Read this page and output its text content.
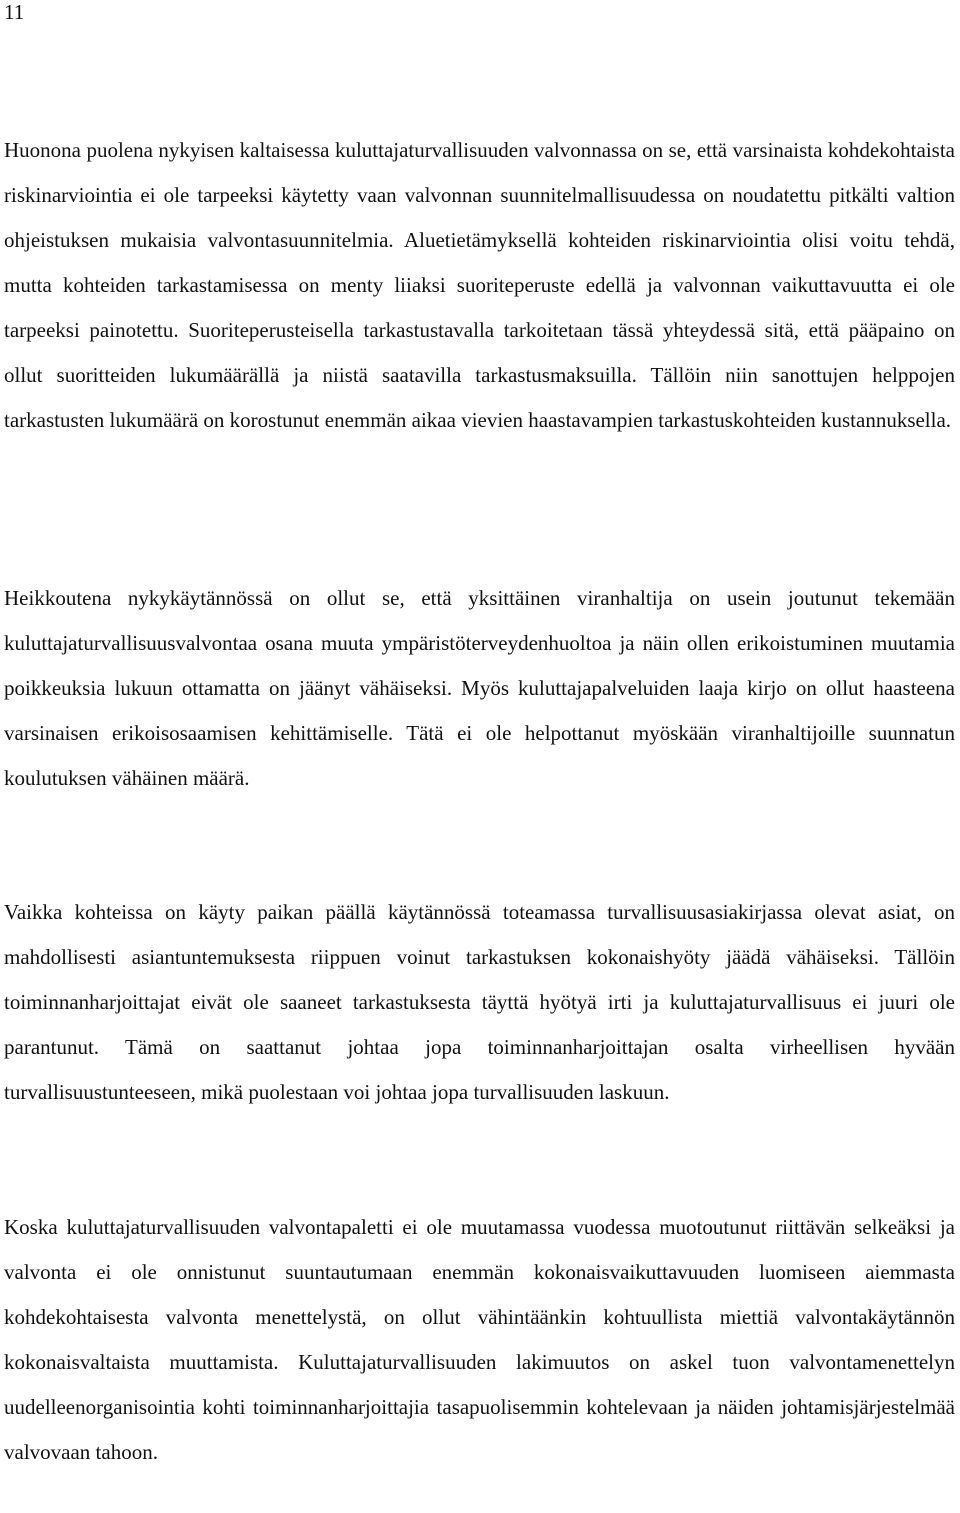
11

Huonona puolena nykyisen kaltaisessa kuluttajaturvallisuuden valvonnassa on se, että varsinaista kohdekohtaista riskinarviointia ei ole tarpeeksi käytetty vaan valvonnan suunnitelmallisuudessa on noudatettu pitkälti valtion ohjeistuksen mukaisia valvontasuunnitelmia. Aluetietämyksellä kohteiden riskinarviointia olisi voitu tehdä, mutta kohteiden tarkastamisessa on menty liiaksi suoriteperuste edellä ja valvonnan vaikuttavuutta ei ole tarpeeksi painotettu. Suoriteperusteisella tarkastustavalla tarkoitetaan tässä yhteydessä sitä, että pääpaino on ollut suoritteiden lukumäärällä ja niistä saatavilla tarkastusmaksuilla. Tällöin niin sanottujen helppojen tarkastusten lukumäärä on korostunut enemmän aikaa vievien haastavampien tarkastuskohteiden kustannuksella.

Heikkoutena nykykäytännössä on ollut se, että yksittäinen viranhaltija on usein joutunut tekemään kuluttajaturvallisuusvalvontaa osana muuta ympäristöterveydenhuoltoa ja näin ollen erikoistuminen muutamia poikkeuksia lukuun ottamatta on jäänyt vähäiseksi. Myös kuluttajapalveluiden laaja kirjo on ollut haasteena varsinaisen erikoisosaamisen kehittämiselle. Tätä ei ole helpottanut myöskään viranhaltijoille suunnatun koulutuksen vähäinen määrä.

Vaikka kohteissa on käyty paikan päällä käytännössä toteamassa turvallisuusasiakirjassa olevat asiat, on mahdollisesti asiantuntemuksesta riippuen voinut tarkastuksen kokonaishyöty jäädä vähäiseksi. Tällöin toiminnanharjoittajat eivät ole saaneet tarkastuksesta täyttä hyötyä irti ja kuluttajaturvallisuus ei juuri ole parantunut. Tämä on saattanut johtaa jopa toiminnanharjoittajan osalta virheellisen hyvään turvallisuustunteeseen, mikä puolestaan voi johtaa jopa turvallisuuden laskuun.

Koska kuluttajaturvallisuuden valvontapaletti ei ole muutamassa vuodessa muotoutunut riittävän selkeäksi ja valvonta ei ole onnistunut suuntautumaan enemmän kokonaisvaikuttavuuden luomiseen aiemmasta kohdekohtaisesta valvonta menettelystä, on ollut vähintäänkin kohtuullista miettiä valvontakäytännön kokonaisvaltaista muuttamista. Kuluttajaturvallisuuden lakimuutos on askel tuon valvontamenettelyn uudelleenorganisointia kohti toiminnanharjoittajia tasapuolisemmin kohtelevaan ja näiden johtamisjärjestelmää valvovaan tahoon.
